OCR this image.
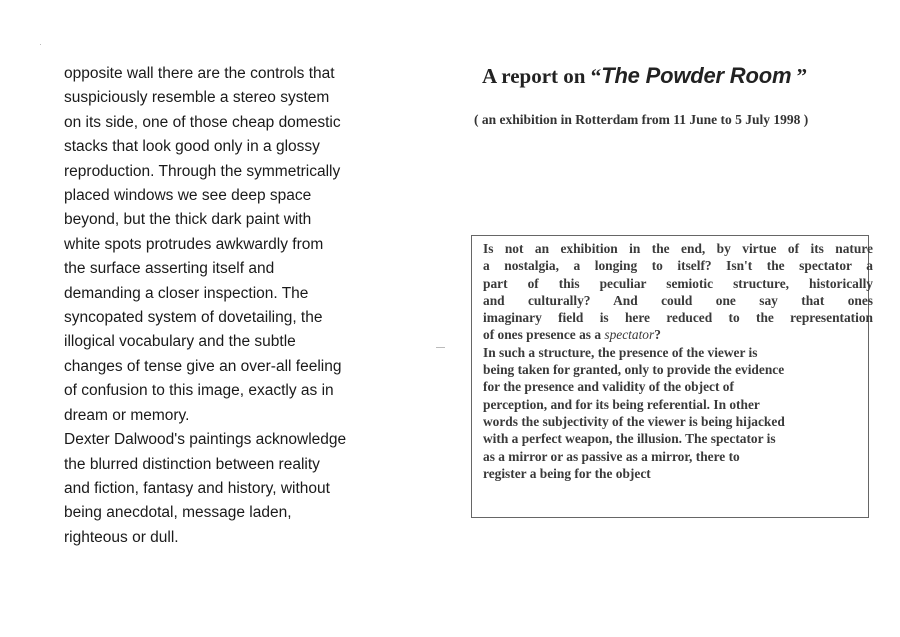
opposite wall there are the controls that
suspiciously resemble a stereo system
on its side, one of those cheap domestic
stacks that look good only in a glossy
reproduction. Through the symmetrically
placed windows we see deep space
beyond, but the thick dark paint with
white spots protrudes awkwardly from
the surface asserting itself and
demanding a closer inspection. The
syncopated system of dovetailing, the
illogical vocabulary and the subtle
changes of tense give an over-all feeling
of confusion to this image, exactly as in
dream or memory.
Dexter Dalwood's paintings acknowledge
the blurred distinction between reality
and fiction, fantasy and history, without
being anecdotal, message laden,
righteous or dull.
A report on “The Powder Room ”
( an exhibition in Rotterdam from 11 June to 5 July 1998 )
Is not an exhibition in the end, by virtue of its nature
a nostalgia, a longing to itself? Isn't the spectator a
part of this peculiar semiotic structure, historically
and culturally? And could one say that ones
imaginary field is here reduced to the representation
of ones presence as a spectator?
In such a structure, the presence of the viewer is
being taken for granted, only to provide the evidence
for the presence and validity of the object of
perception, and for its being referential. In other
words the subjectivity of the viewer is being hijacked
with a perfect weapon, the illusion. The spectator is
as a mirror or as passive as a mirror, there to
register a being for the object
